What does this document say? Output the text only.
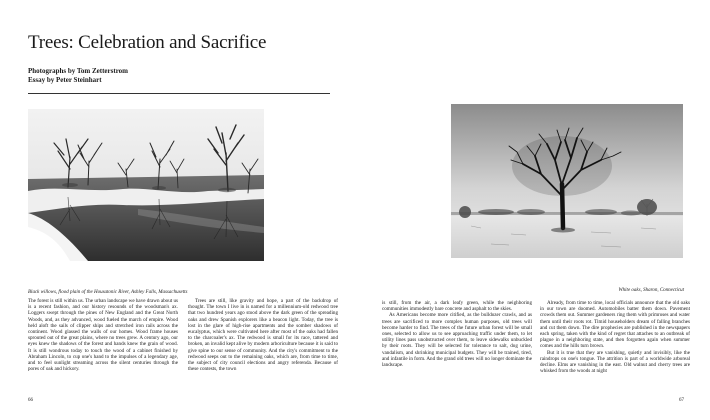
Trees: Celebration and Sacrifice
Photographs by Tom Zetterstrom
Essay by Peter Steinhart
Black willows, flood plain of the Housatonic River, Ashley Falls, Massachusetts

The forest is still within us. The urban landscape we have drawn about us is a recent fashion, and our history resounds of the woodsman's ax. Loggers swept through the pines of New England and the Great North Woods, and, as they advanced, wood fueled the march of empire. Wood held aloft the sails of clipper ships and stretched iron rails across the continent. Wood glassed the walls of our homes. Wood frame houses sprouted out of the great plains, where no trees grew. A century ago, our eyes knew the shadows of the forest and hands knew the grain of wood. It is still wondrous today to touch the wood of a cabinet finished by Abraham Lincoln, to cup one's hand to the impulses of a legendary age, and to feel sunlight streaming across the silent centuries through the pores of oak and hickory.

Trees are still, like gravity and hope, a part of the backdrop of thought. The town I live in is named for a millennium-old redwood tree that two hundred years ago stood above the dark green of the spreading oaks and drew Spanish explorers like a beacon light. Today, the tree is lost in the glare of high-rise apartments and the somber shadows of eucalyptus, which were cultivated here after most of the oaks had fallen to the charcoaler's ax. The redwood is small for its race, tattered and broken, an invalid kept alive by modern arboriculture because it is said to give spine to our sense of community. And the city's commitment to the redwood seeps out to the remaining oaks, which are, from time to time, the subject of city council elections and angry referenda. Because of these contests, the town

66
White oaks, Sharon, Connecticut

is still, from the air, a dark leafy green, while the neighboring communities immodestly bare concrete and asphalt to the skies.

As Americans become more citified, as the bulldozer crawls, and as trees are sacrificed to more complex human purposes, old trees will become harder to find. The trees of the future urban forest will be small ones, selected to allow us to see approaching traffic under them, to let utility lines pass unobstructed over them, to leave sidewalks unbuckled by their roots. They will be selected for tolerance to salt, dog urine, vandalism, and shrinking municipal budgets. They will be trained, tired, and infantile in form. And the grand old trees will no longer dominate the landscape.

Already, from time to time, local officials announce that the old oaks in our town are doomed. Automobiles batter them down. Pavement crowds them out. Summer gardeners ring them with primroses and water them until their roots rot. Timid householders dream of falling branches and cut them down. The dire prophecies are published in the newspapers each spring, taken with the kind of regret that attaches to an outbreak of plague in a neighboring state, and then forgotten again when summer comes and the hills turn brown.

But it is true that they are vanishing, quietly and invisibly, like the raindrops on one's tongue. The attrition is part of a worldwide arboreal decline. Elms are vanishing in the east. Old walnut and cherry trees are whisked from the woods at night

67
